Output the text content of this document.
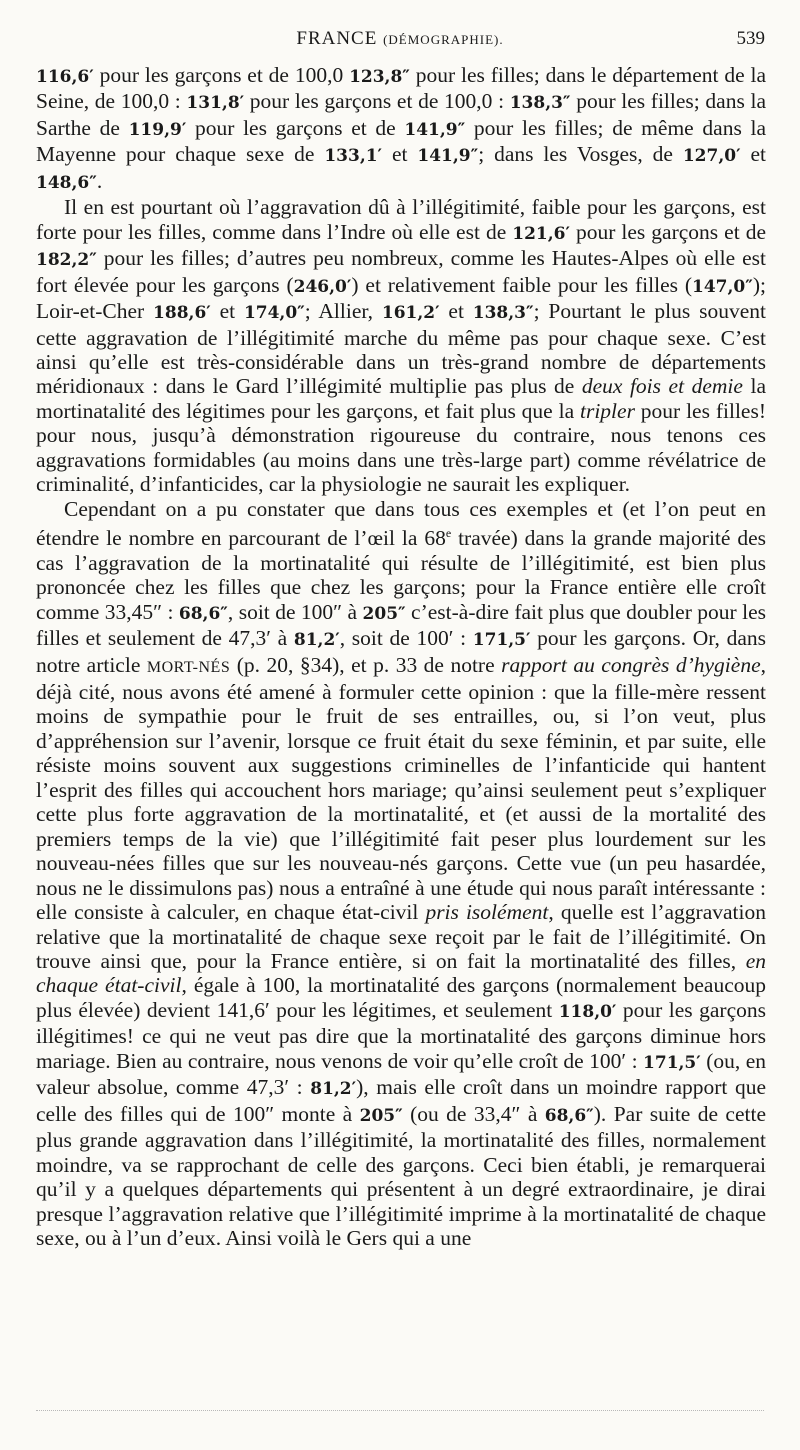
FRANCE (DÉMOGRAPHIE).	539

116,6′ pour les garçons et de 100,0 123,8″ pour les filles; dans le département de la Seine, de 100,0 : 131,8′ pour les garçons et de 100,0 : 138,3″ pour les filles; dans la Sarthe de 119,9′ pour les garçons et de 141,9″ pour les filles; de même dans la Mayenne pour chaque sexe de 133,1′ et 141,9″; dans les Vosges, de 127,0′ et 148,6″.

Il en est pourtant où l’aggravation dû à l’illégitimité, faible pour les garçons, est forte pour les filles, comme dans l’Indre où elle est de 121,6′ pour les garçons et de 182,2″ pour les filles; d’autres peu nombreux, comme les Hautes-Alpes où elle est fort élevée pour les garçons (246,0′) et relativement faible pour les filles (147,0″); Loir-et-Cher 188,6′ et 174,0″; Allier, 161,2′ et 138,3″; Pourtant le plus souvent cette aggravation de l’illégitimité marche du même pas pour chaque sexe. C’est ainsi qu’elle est très-considérable dans un très-grand nombre de départements méridionaux : dans le Gard l’illégimité multiplie pas plus de deux fois et demie la mortinatalité des légitimes pour les garçons, et fait plus que la tripler pour les filles! pour nous, jusqu’à démonstration rigoureuse du contraire, nous tenons ces aggravations formidables (au moins dans une très-large part) comme révélatrice de criminalité, d’infanticides, car la physiologie ne saurait les expliquer.

Cependant on a pu constater que dans tous ces exemples et (et l’on peut en étendre le nombre en parcourant de l’œil la 68e travée) dans la grande majorité des cas l’aggravation de la mortinatalité qui résulte de l’illégitimité, est bien plus prononcée chez les filles que chez les garçons; pour la France entière elle croît comme 33,45″ : 68,6″, soit de 100″ à 205″ c’est-à-dire fait plus que doubler pour les filles et seulement de 47,3′ à 81,2′, soit de 100′ : 171,5′ pour les garçons. Or, dans notre article MORT-NÉS (p. 20, §34), et p. 33 de notre rapport au congrès d’hygiène, déjà cité, nous avons été amené à formuler cette opinion : que la fille-mère ressent moins de sympathie pour le fruit de ses entrailles, ou, si l’on veut, plus d’appréhension sur l’avenir, lorsque ce fruit était du sexe féminin, et par suite, elle résiste moins souvent aux suggestions criminelles de l’infanticide qui hantent l’esprit des filles qui accouchent hors mariage; qu’ainsi seulement peut s’expliquer cette plus forte aggravation de la mortinatalité, et (et aussi de la mortalité des premiers temps de la vie) que l’illégitimité fait peser plus lourdement sur les nouveau-nées filles que sur les nouveau-nés garçons. Cette vue (un peu hasardée, nous ne le dissimulons pas) nous a entraîné à une étude qui nous paraît intéressante : elle consiste à calculer, en chaque état-civil pris isolément, quelle est l’aggravation relative que la mortinatalité de chaque sexe reçoit par le fait de l’illégitimité. On trouve ainsi que, pour la France entière, si on fait la mortinatalité des filles, en chaque état-civil, égale à 100, la mortinatalité des garçons (normalement beaucoup plus élevée) devient 141,6′ pour les légitimes, et seulement 118,0′ pour les garçons illégitimes! ce qui ne veut pas dire que la mortinatalité des garçons diminue hors mariage. Bien au contraire, nous venons de voir qu’elle croît de 100′ : 171,5′ (ou, en valeur absolue, comme 47,3′ : 81,2′), mais elle croît dans un moindre rapport que celle des filles qui de 100″ monte à 205″ (ou de 33,4″ à 68,6″). Par suite de cette plus grande aggravation dans l’illégitimité, la mortinatalité des filles, normalement moindre, va se rapprochant de celle des garçons. Ceci bien établi, je remarquerai qu’il y a quelques départements qui présentent à un degré extraordinaire, je dirai presque l’aggravation relative que l’illégitimité imprime à la mortinatalité de chaque sexe, ou à l’un d’eux. Ainsi voilà le Gers qui a une
